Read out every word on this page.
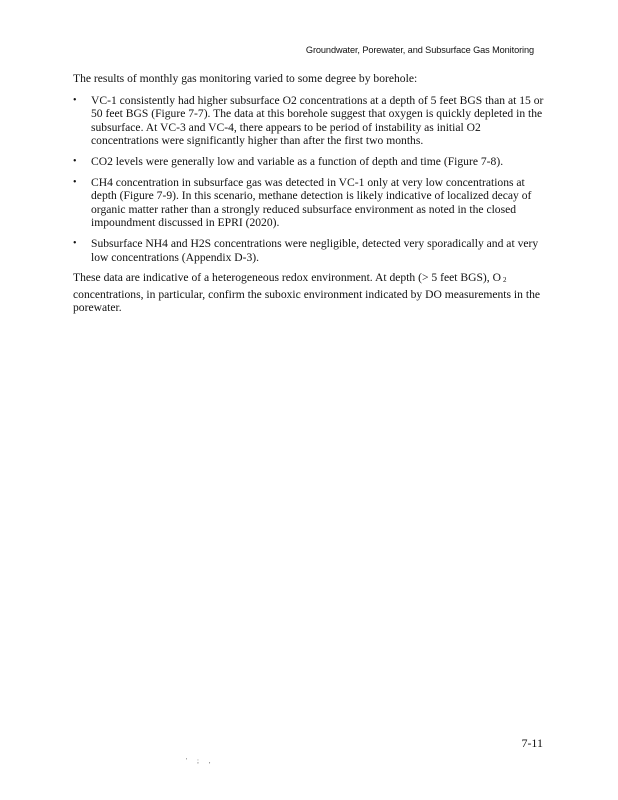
Groundwater, Porewater, and Subsurface Gas Monitoring

The results of monthly gas monitoring varied to some degree by borehole:

• VC-1 consistently had higher subsurface O2 concentrations at a depth of 5 feet BGS than at 15 or 50 feet BGS (Figure 7-7). The data at this borehole suggest that oxygen is quickly depleted in the subsurface. At VC-3 and VC-4, there appears to be period of instability as initial O2 concentrations were significantly higher than after the first two months.
• CO2 levels were generally low and variable as a function of depth and time (Figure 7-8).
• CH4 concentration in subsurface gas was detected in VC-1 only at very low concentrations at depth (Figure 7-9). In this scenario, methane detection is likely indicative of localized decay of organic matter rather than a strongly reduced subsurface environment as noted in the closed impoundment discussed in EPRI (2020).
• Subsurface NH4 and H2S concentrations were negligible, detected very sporadically and at very low concentrations (Appendix D-3).

These data are indicative of a heterogeneous redox environment. At depth (> 5 feet BGS), O 2 concentrations, in particular, confirm the suboxic environment indicated by DO measurements in the porewater.

7-11
' ; ,
